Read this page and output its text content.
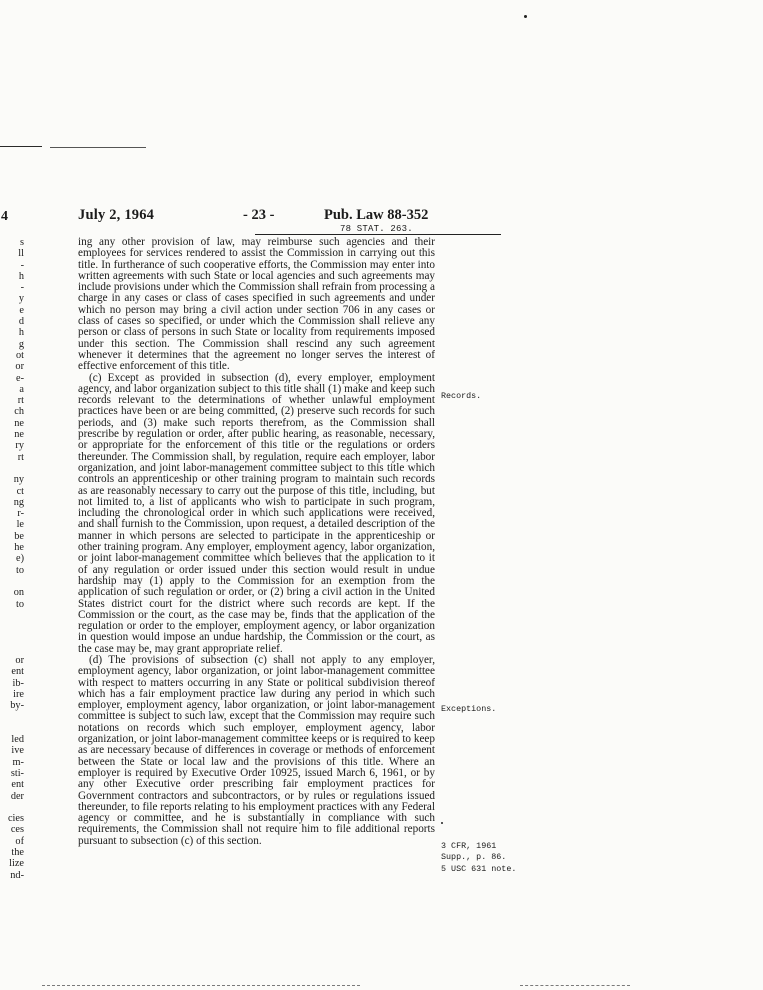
4
s
ll
-
h
-
y
e
d
h
g
ot
or
e-
a
rt
ch
ne
ne
ry
rt
ny
ct
ng
r-
le
be
he
e)
to
on
to
or
ent
ib-
ire
by-
led
ive
m-
sti-
ent
der
cies
ces
of
the
lize
nd-
July 2, 1964	- 23 -	Pub. Law 88-352
78 STAT. 263.

ing any other provision of law, may reimburse such agencies and their employees for services rendered to assist the Commission in carrying out this title. In furtherance of such cooperative efforts, the Commission may enter into written agreements with such State or local agencies and such agreements may include provisions under which the Commission shall refrain from processing a charge in any cases or class of cases specified in such agreements and under which no person may bring a civil action under section 706 in any cases or class of cases so specified, or under which the Commission shall relieve any person or class of persons in such State or locality from requirements imposed under this section. The Commission shall rescind any such agreement whenever it determines that the agreement no longer serves the interest of effective enforcement of this title.

(c) Except as provided in subsection (d), every employer, employment agency, and labor organization subject to this title shall (1) make and keep such records relevant to the determinations of whether unlawful employment practices have been or are being committed, (2) preserve such records for such periods, and (3) make such reports therefrom, as the Commission shall prescribe by regulation or order, after public hearing, as reasonable, necessary, or appropriate for the enforcement of this title or the regulations or orders thereunder. The Commission shall, by regulation, require each employer, labor organization, and joint labor-management committee subject to this title which controls an apprenticeship or other training program to maintain such records as are reasonably necessary to carry out the purpose of this title, including, but not limited to, a list of applicants who wish to participate in such program, including the chronological order in which such applications were received, and shall furnish to the Commission, upon request, a detailed description of the manner in which persons are selected to participate in the apprenticeship or other training program. Any employer, employment agency, labor organization, or joint labor-management committee which believes that the application to it of any regulation or order issued under this section would result in undue hardship may (1) apply to the Commission for an exemption from the application of such regulation or order, or (2) bring a civil action in the United States district court for the district where such records are kept. If the Commission or the court, as the case may be, finds that the application of the regulation or order to the employer, employment agency, or labor organization in question would impose an undue hardship, the Commission or the court, as the case may be, may grant appropriate relief.

(d) The provisions of subsection (c) shall not apply to any employer, employment agency, labor organization, or joint labor-management committee with respect to matters occurring in any State or political subdivision thereof which has a fair employment practice law during any period in which such employer, employment agency, labor organization, or joint labor-management committee is subject to such law, except that the Commission may require such notations on records which such employer, employment agency, labor organization, or joint labor-management committee keeps or is required to keep as are necessary because of differences in coverage or methods of enforcement between the State or local law and the provisions of this title. Where an employer is required by Executive Order 10925, issued March 6, 1961, or by any other Executive order prescribing fair employment practices for Government contractors and subcontractors, or by rules or regulations issued thereunder, to file reports relating to his employment practices with any Federal agency or committee, and he is substantially in compliance with such requirements, the Commission shall not require him to file additional reports pursuant to subsection (c) of this section.

Records.
Exceptions.
3 CFR, 1961
Supp., p. 86.
5 USC 631 note.
